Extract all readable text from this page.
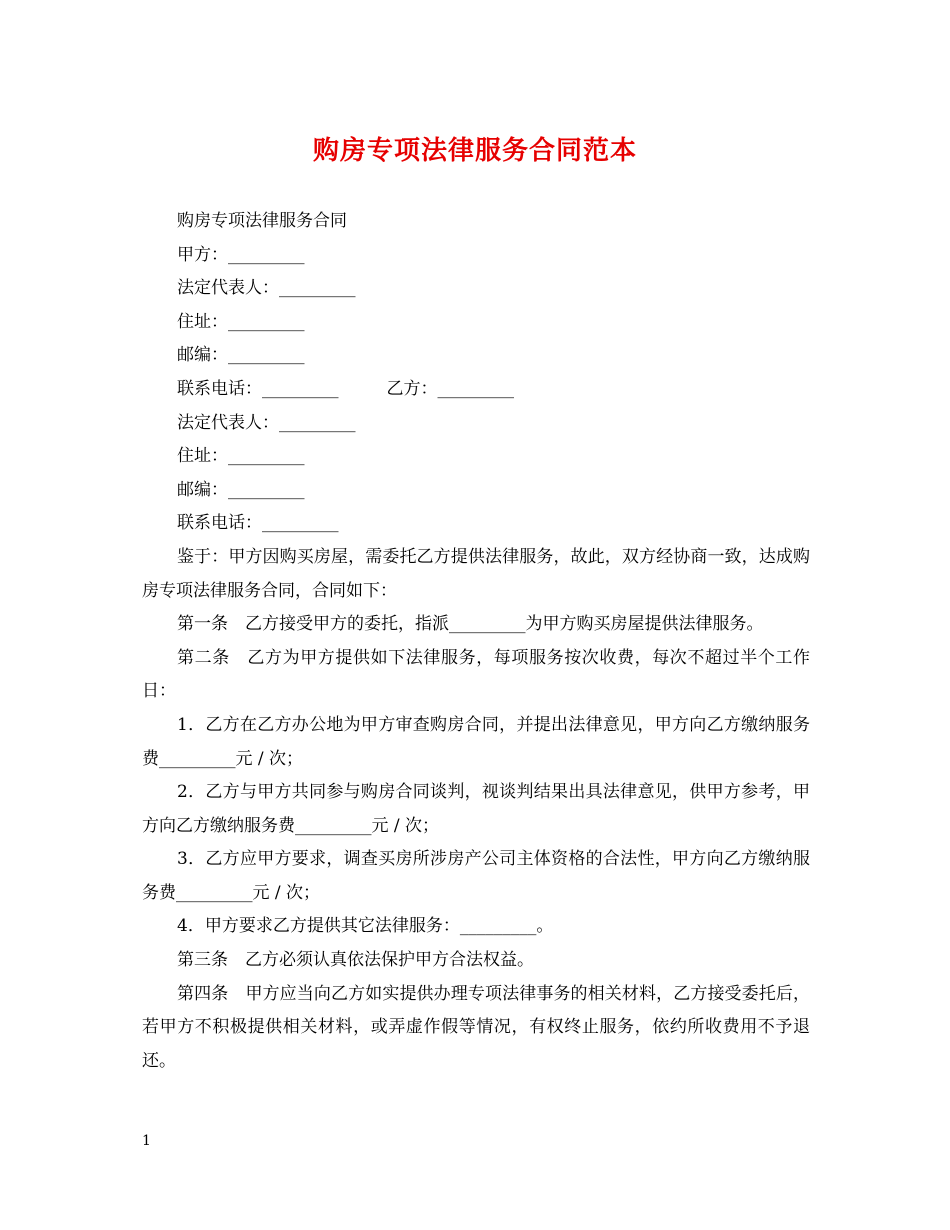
购房专项法律服务合同范本
购房专项法律服务合同
甲方：_________
法定代表人：_________
住址：_________
邮编：_________
联系电话：_________	乙方：_________
法定代表人：_________
住址：_________
邮编：_________
联系电话：_________
鉴于：甲方因购买房屋，需委托乙方提供法律服务，故此，双方经协商一致，达成购房专项法律服务合同，合同如下：
第一条　乙方接受甲方的委托，指派_________为甲方购买房屋提供法律服务。
第二条　乙方为甲方提供如下法律服务，每项服务按次收费，每次不超过半个工作日：
1．乙方在乙方办公地为甲方审查购房合同，并提出法律意见，甲方向乙方缴纳服务费_________元 / 次；
2．乙方与甲方共同参与购房合同谈判，视谈判结果出具法律意见，供甲方参考，甲方向乙方缴纳服务费_________元 / 次；
3．乙方应甲方要求，调查买房所涉房产公司主体资格的合法性，甲方向乙方缴纳服务费_________元 / 次；
4．甲方要求乙方提供其它法律服务：_________。
第三条　乙方必须认真依法保护甲方合法权益。
第四条　甲方应当向乙方如实提供办理专项法律事务的相关材料，乙方接受委托后，若甲方不积极提供相关材料，或弄虚作假等情况，有权终止服务，依约所收费用不予退还。
1
